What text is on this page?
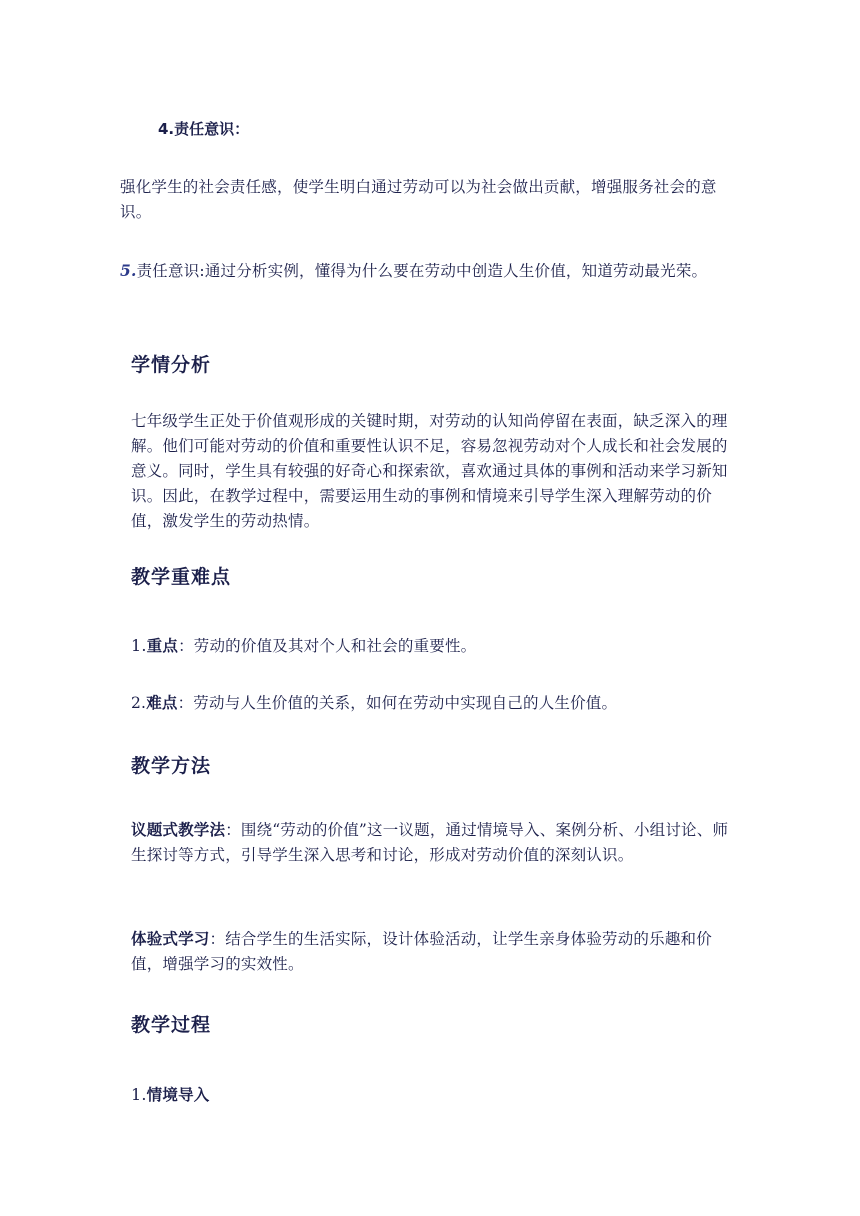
4.责任意识：

强化学生的社会责任感，使学生明白通过劳动可以为社会做出贡献，增强服务社会的意识。

5.责任意识:通过分析实例，懂得为什么要在劳动中创造人生价值，知道劳动最光荣。

学情分析

七年级学生正处于价值观形成的关键时期，对劳动的认知尚停留在表面，缺乏深入的理解。他们可能对劳动的价值和重要性认识不足，容易忽视劳动对个人成长和社会发展的意义。同时，学生具有较强的好奇心和探索欲，喜欢通过具体的事例和活动来学习新知识。因此，在教学过程中，需要运用生动的事例和情境来引导学生深入理解劳动的价值，激发学生的劳动热情。

教学重难点

1.重点：劳动的价值及其对个人和社会的重要性。

2.难点：劳动与人生价值的关系，如何在劳动中实现自己的人生价值。

教学方法

议题式教学法：围绕“劳动的价值”这一议题，通过情境导入、案例分析、小组讨论、师生探讨等方式，引导学生深入思考和讨论，形成对劳动价值的深刻认识。

体验式学习：结合学生的生活实际，设计体验活动，让学生亲身体验劳动的乐趣和价值，增强学习的实效性。

教学过程

1.情境导入
